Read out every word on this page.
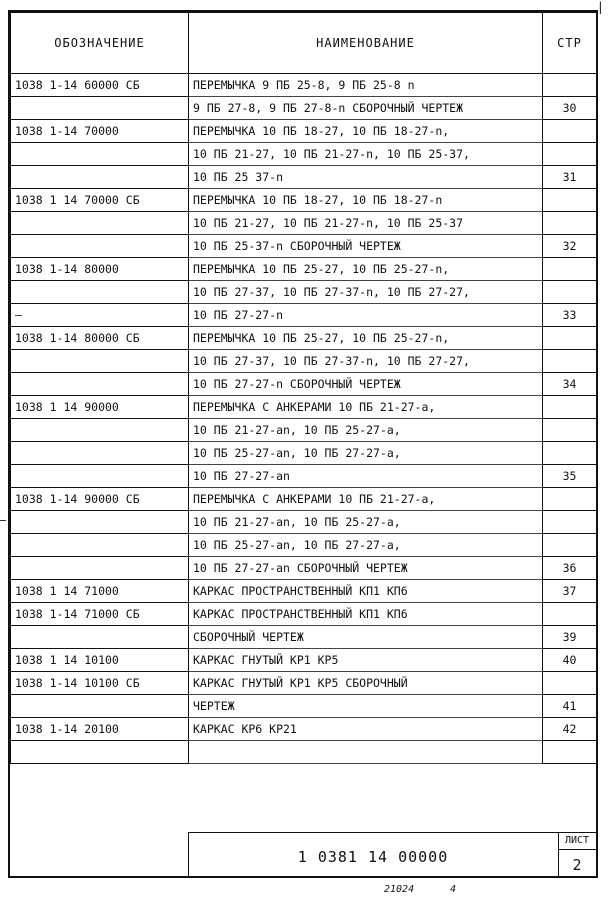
ОБОЗНАЧЕНИЕ	НАИМЕНОВАНИЕ	СТР
1038 1-14 60000 СБ	ПЕРЕМЫЧКА 9 ПБ 25-8, 9 ПБ 25-8 n	
	9 ПБ 27-8, 9 ПБ 27-8-n СБОРОЧНЫЙ ЧЕРТЕЖ	30
1038 1-14 70000	ПЕРЕМЫЧКА 10 ПБ 18-27, 10 ПБ 18-27-n,	
	10 ПБ 21-27, 10 ПБ 21-27-n, 10 ПБ 25-37,	
	10 ПБ 25 37-n	31
1038 1 14 70000 СБ	ПЕРЕМЫЧКА 10 ПБ 18-27, 10 ПБ 18-27-n	
	10 ПБ 21-27, 10 ПБ 21-27-n, 10 ПБ 25-37	
	10 ПБ 25-37-n СБОРОЧНЫЙ ЧЕРТЕЖ	32
1038 1-14 80000	ПЕРЕМЫЧКА 10 ПБ 25-27, 10 ПБ 25-27-n,	
	10 ПБ 27-37, 10 ПБ 27-37-n, 10 ПБ 27-27,	
–	10 ПБ 27-27-n	33
1038 1-14 80000 СБ	ПЕРЕМЫЧКА 10 ПБ 25-27, 10 ПБ 25-27-n,	
	10 ПБ 27-37, 10 ПБ 27-37-n, 10 ПБ 27-27,	
	10 ПБ 27-27-n СБОРОЧНЫЙ ЧЕРТЕЖ	34
1038 1 14 90000	ПЕРЕМЫЧКА С АНКЕРАМИ 10 ПБ 21-27-a,	
	10 ПБ 21-27-an, 10 ПБ 25-27-a,	
	10 ПБ 25-27-an, 10 ПБ 27-27-a,	
	10 ПБ 27-27-an	35
1038 1-14 90000 СБ	ПЕРЕМЫЧКА С АНКЕРАМИ 10 ПБ 21-27-a,	
	10 ПБ 21-27-an, 10 ПБ 25-27-a,	
	10 ПБ 25-27-an, 10 ПБ 27-27-a,	
	10 ПБ 27-27-an СБОРОЧНЫЙ ЧЕРТЕЖ	36
1038 1 14 71000	КАРКАС ПРОСТРАНСТВЕННЫЙ КП1 КП6	37
1038 1-14 71000 СБ	КАРКАС ПРОСТРАНСТВЕННЫЙ КП1 КП6	
	СБОРОЧНЫЙ ЧЕРТЕЖ	39
1038 1 14 10100	КАРКАС ГНУТЫЙ КР1 КР5	40
1038 1-14 10100 СБ	КАРКАС ГНУТЫЙ КР1 КР5 СБОРОЧНЫЙ	
	ЧЕРТЕЖ	41
1038 1-14 20100	КАРКАС КР6 КР21	42

1 0381 14 00000
ЛИСТ
2
|
21024	4
